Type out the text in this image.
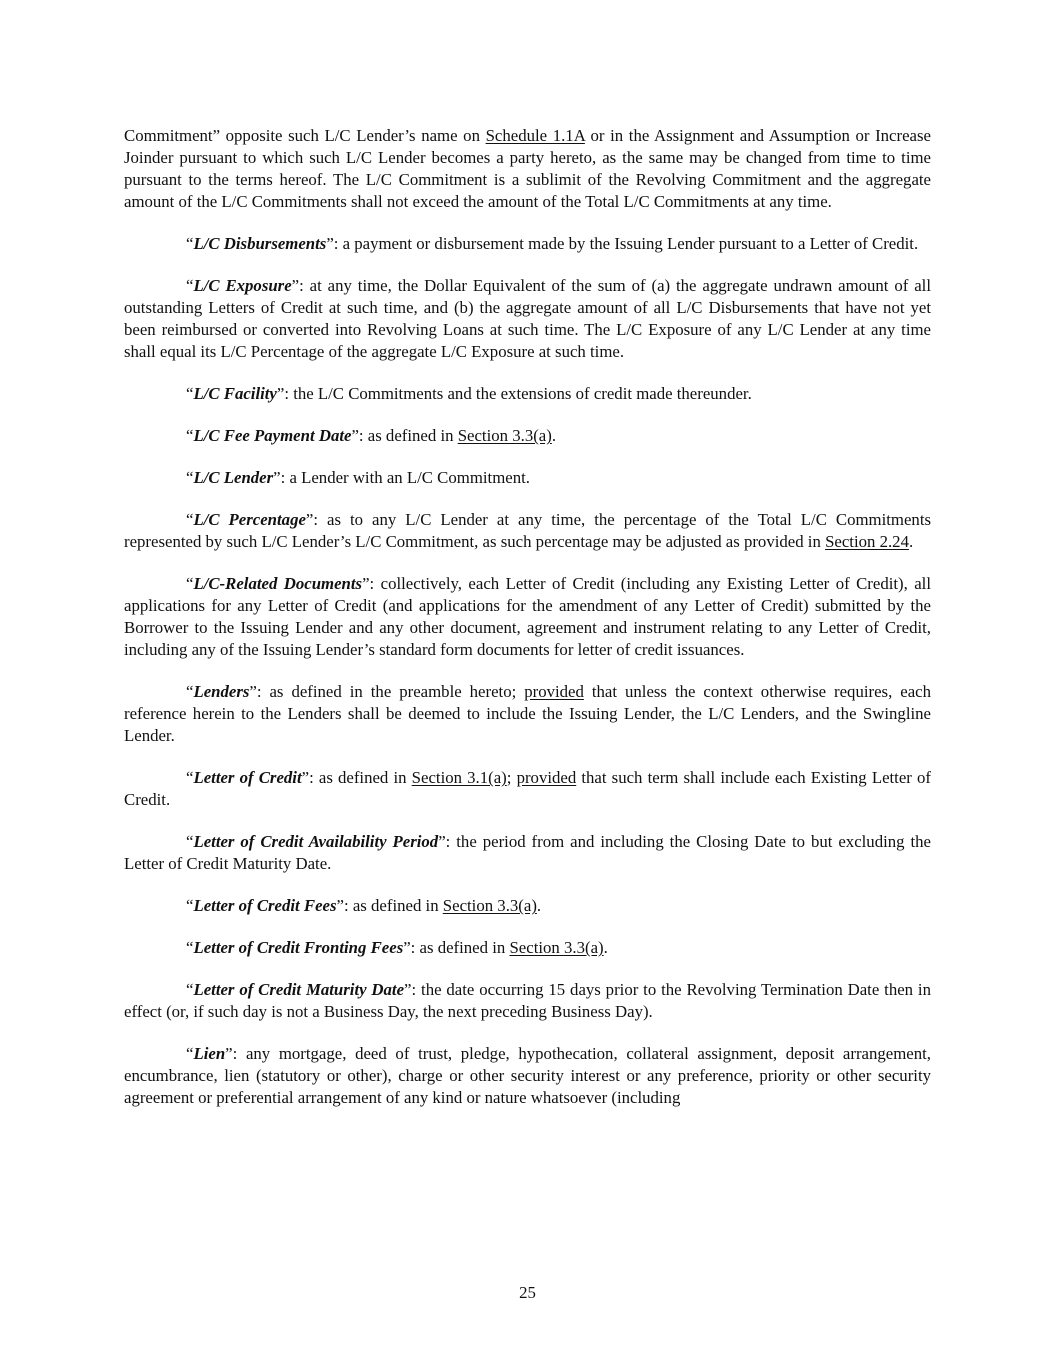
Commitment” opposite such L/C Lender’s name on Schedule 1.1A or in the Assignment and Assumption or Increase Joinder pursuant to which such L/C Lender becomes a party hereto, as the same may be changed from time to time pursuant to the terms hereof. The L/C Commitment is a sublimit of the Revolving Commitment and the aggregate amount of the L/C Commitments shall not exceed the amount of the Total L/C Commitments at any time.

“L/C Disbursements”: a payment or disbursement made by the Issuing Lender pursuant to a Letter of Credit.

“L/C Exposure”: at any time, the Dollar Equivalent of the sum of (a) the aggregate undrawn amount of all outstanding Letters of Credit at such time, and (b) the aggregate amount of all L/C Disbursements that have not yet been reimbursed or converted into Revolving Loans at such time. The L/C Exposure of any L/C Lender at any time shall equal its L/C Percentage of the aggregate L/C Exposure at such time.

“L/C Facility”: the L/C Commitments and the extensions of credit made thereunder.

“L/C Fee Payment Date”: as defined in Section 3.3(a).

“L/C Lender”: a Lender with an L/C Commitment.

“L/C Percentage”: as to any L/C Lender at any time, the percentage of the Total L/C Commitments represented by such L/C Lender’s L/C Commitment, as such percentage may be adjusted as provided in Section 2.24.

“L/C-Related Documents”: collectively, each Letter of Credit (including any Existing Letter of Credit), all applications for any Letter of Credit (and applications for the amendment of any Letter of Credit) submitted by the Borrower to the Issuing Lender and any other document, agreement and instrument relating to any Letter of Credit, including any of the Issuing Lender’s standard form documents for letter of credit issuances.

“Lenders”: as defined in the preamble hereto; provided that unless the context otherwise requires, each reference herein to the Lenders shall be deemed to include the Issuing Lender, the L/C Lenders, and the Swingline Lender.

“Letter of Credit”: as defined in Section 3.1(a); provided that such term shall include each Existing Letter of Credit.

“Letter of Credit Availability Period”: the period from and including the Closing Date to but excluding the Letter of Credit Maturity Date.

“Letter of Credit Fees”: as defined in Section 3.3(a).

“Letter of Credit Fronting Fees”: as defined in Section 3.3(a).

“Letter of Credit Maturity Date”: the date occurring 15 days prior to the Revolving Termination Date then in effect (or, if such day is not a Business Day, the next preceding Business Day).

“Lien”: any mortgage, deed of trust, pledge, hypothecation, collateral assignment, deposit arrangement, encumbrance, lien (statutory or other), charge or other security interest or any preference, priority or other security agreement or preferential arrangement of any kind or nature whatsoever (including

25
